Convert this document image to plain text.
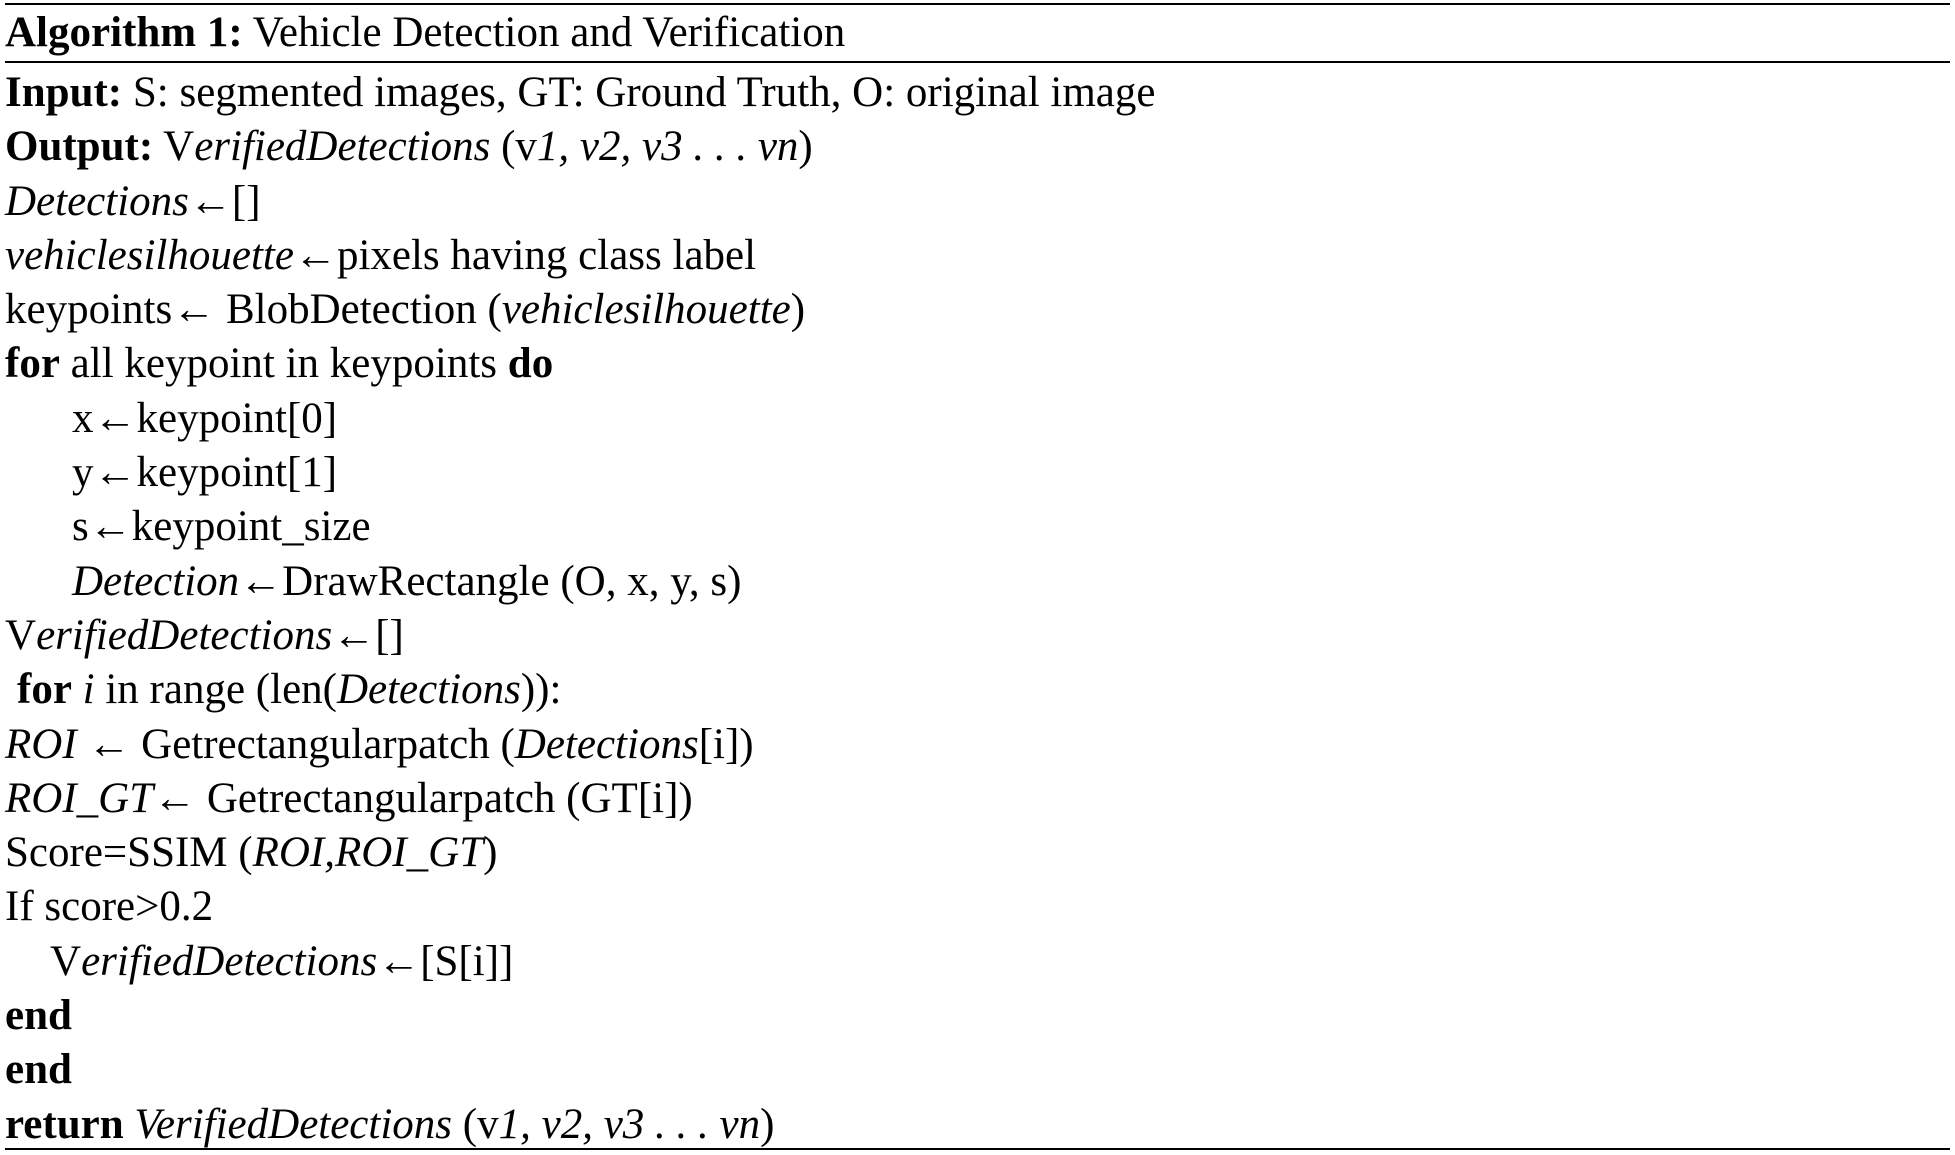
Algorithm 1: Vehicle Detection and Verification
Input: S: segmented images, GT: Ground Truth, O: original image
Output: VerifiedDetections (v1, v2, v3 . . . vn)
Detections←[]
vehiclesilhouette←pixels having class label
keypoints← BlobDetection (vehiclesilhouette)
for all keypoint in keypoints do
x←keypoint[0]
y←keypoint[1]
s←keypoint_size
Detection←DrawRectangle (O, x, y, s)
VerifiedDetections←[]
for i in range (len(Detections)):
ROI ← Getrectangularpatch (Detections[i])
ROI_GT← Getrectangularpatch (GT[i])
Score=SSIM (ROI,ROI_GT)
If score>0.2
VerifiedDetections←[S[i]]
end
end
return VerifiedDetections (v1, v2, v3 . . . vn)
